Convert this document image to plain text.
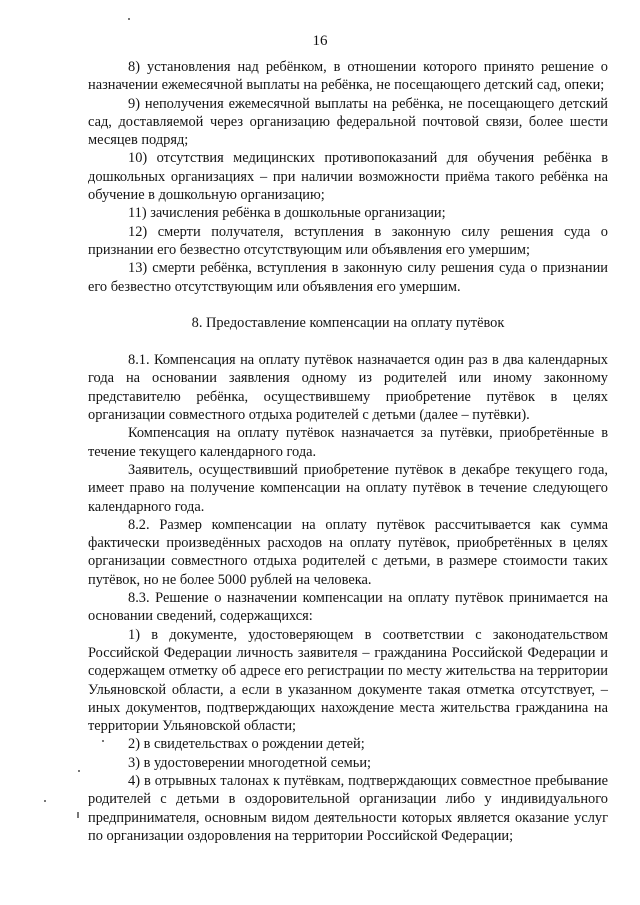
16

8) установления над ребёнком, в отношении которого принято решение о назначении ежемесячной выплаты на ребёнка, не посещающего детский сад, опеки;

9) неполучения ежемесячной выплаты на ребёнка, не посещающего детский сад, доставляемой через организацию федеральной почтовой связи, более шести месяцев подряд;

10) отсутствия медицинских противопоказаний для обучения ребёнка в дошкольных организациях – при наличии возможности приёма такого ребёнка на обучение в дошкольную организацию;

11) зачисления ребёнка в дошкольные организации;

12) смерти получателя, вступления в законную силу решения суда о признании его безвестно отсутствующим или объявления его умершим;

13) смерти ребёнка, вступления в законную силу решения суда о признании его безвестно отсутствующим или объявления его умершим.

8. Предоставление компенсации на оплату путёвок

8.1. Компенсация на оплату путёвок назначается один раз в два календарных года на основании заявления одному из родителей или иному законному представителю ребёнка, осуществившему приобретение путёвок в целях организации совместного отдыха родителей с детьми (далее – путёвки).

Компенсация на оплату путёвок назначается за путёвки, приобретённые в течение текущего календарного года.

Заявитель, осуществивший приобретение путёвок в декабре текущего года, имеет право на получение компенсации на оплату путёвок в течение следующего календарного года.

8.2. Размер компенсации на оплату путёвок рассчитывается как сумма фактически произведённых расходов на оплату путёвок, приобретённых в целях организации совместного отдыха родителей с детьми, в размере стоимости таких путёвок, но не более 5000 рублей на человека.

8.3. Решение о назначении компенсации на оплату путёвок принимается на основании сведений, содержащихся:

1) в документе, удостоверяющем в соответствии с законодательством Российской Федерации личность заявителя – гражданина Российской Федерации и содержащем отметку об адресе его регистрации по месту жительства на территории Ульяновской области, а если в указанном документе такая отметка отсутствует, – иных документов, подтверждающих нахождение места жительства гражданина на территории Ульяновской области;

2) в свидетельствах о рождении детей;

3) в удостоверении многодетной семьи;

4) в отрывных талонах к путёвкам, подтверждающих совместное пребывание родителей с детьми в оздоровительной организации либо у индивидуального предпринимателя, основным видом деятельности которых является оказание услуг по организации оздоровления на территории Российской Федерации;
